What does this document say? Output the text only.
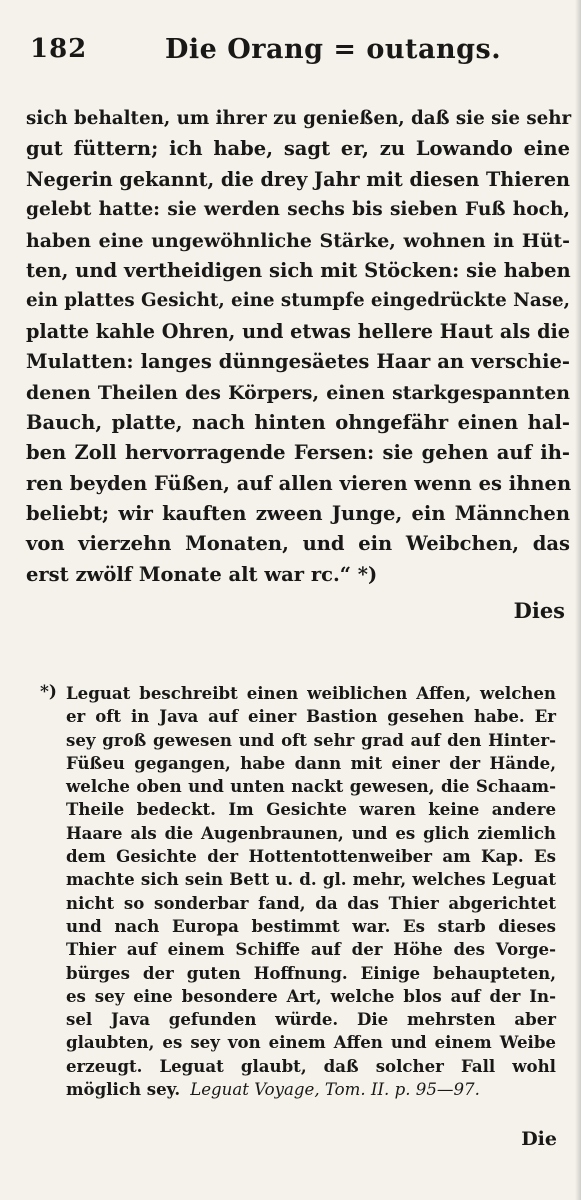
182	Die Orang = outangs.
sich behalten, um ihrer zu genießen, daß sie sie sehr
gut füttern; ich habe, sagt er, zu Lowando eine
Negerin gekannt, die drey Jahr mit diesen Thieren
gelebt hatte: sie werden sechs bis sieben Fuß hoch,
haben eine ungewöhnliche Stärke, wohnen in Hüt-
ten, und vertheidigen sich mit Stöcken: sie haben
ein plattes Gesicht, eine stumpfe eingedrückte Nase,
platte kahle Ohren, und etwas hellere Haut als die
Mulatten: langes dünngesäetes Haar an verschie-
denen Theilen des Körpers, einen starkgespannten
Bauch, platte, nach hinten ohngefähr einen hal-
ben Zoll hervorragende Fersen: sie gehen auf ih-
ren beyden Füßen, auf allen vieren wenn es ihnen
beliebt; wir kauften zween Junge, ein Männchen
von vierzehn Monaten, und ein Weibchen, das
erst zwölf Monate alt war rc.“ *)
Dies
*) Leguat beschreibt einen weiblichen Affen, welchen
er oft in Java auf einer Bastion gesehen habe. Er
sey groß gewesen und oft sehr grad auf den Hinter-
Füßeu gegangen, habe dann mit einer der Hände,
welche oben und unten nackt gewesen, die Schaam-
Theile bedeckt. Im Gesichte waren keine andere
Haare als die Augenbraunen, und es glich ziemlich
dem Gesichte der Hottentottenweiber am Kap. Es
machte sich sein Bett u. d. gl. mehr, welches Leguat
nicht so sonderbar fand, da das Thier abgerichtet
und nach Europa bestimmt war. Es starb dieses
Thier auf einem Schiffe auf der Höhe des Vorge-
bürges der guten Hoffnung. Einige behaupteten,
es sey eine besondere Art, welche blos auf der In-
sel Java gefunden würde. Die mehrsten aber
glaubten, es sey von einem Affen und einem Weibe
erzeugt. Leguat glaubt, daß solcher Fall wohl
möglich sey. Leguat Voyage, Tom. II. p. 95—97.
Die
